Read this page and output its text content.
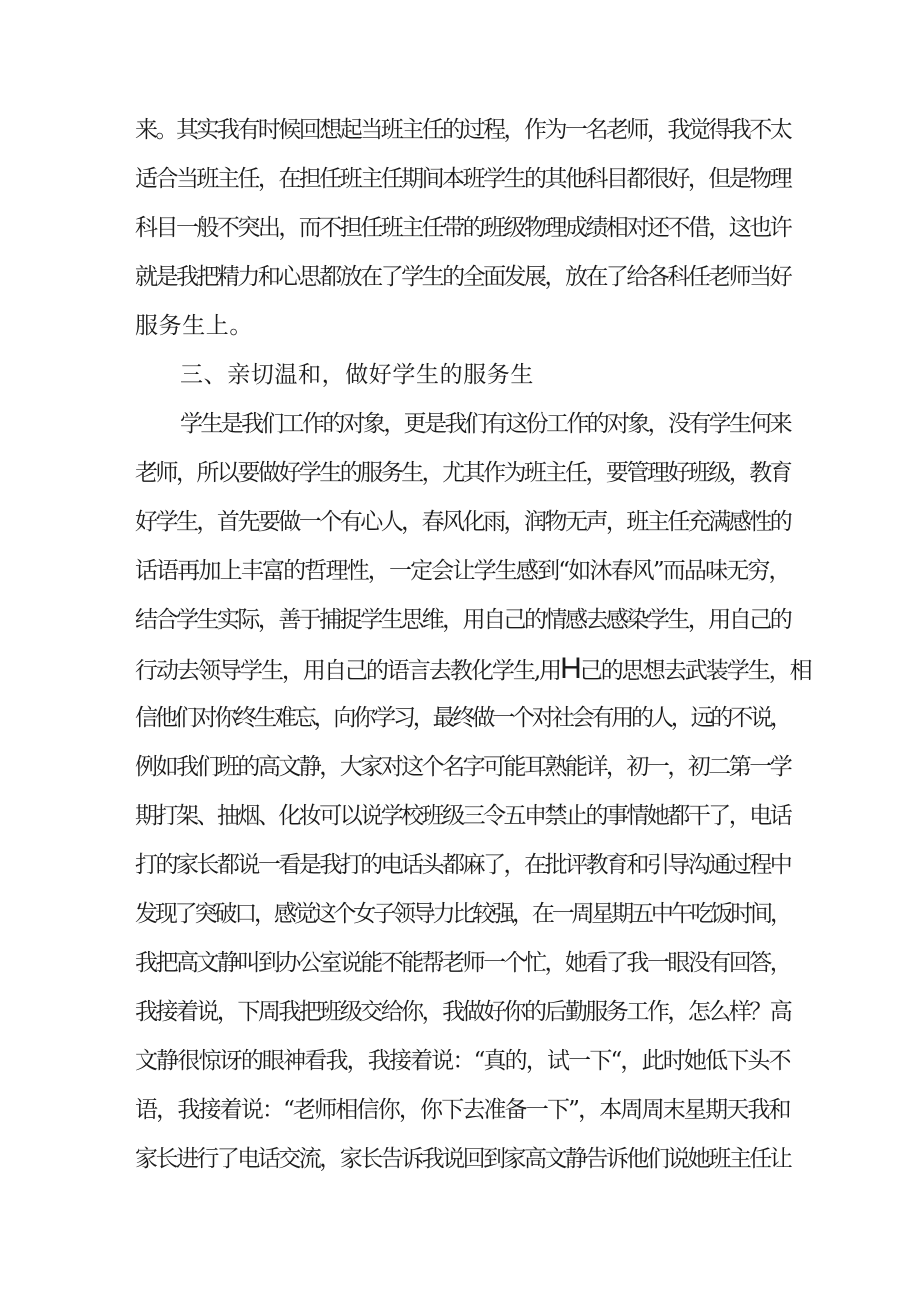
来。其实我有时候回想起当班主任的过程，作为一名老师，我觉得我不太
适合当班主任，在担任班主任期间本班学生的其他科目都很好，但是物理
科目一般不突出，而不担任班主任带的班级物理成绩相对还不借，这也许
就是我把精力和心思都放在了学生的全面发展，放在了给各科任老师当好
服务生上。
三、亲切温和，做好学生的服务生
学生是我们工作的对象，更是我们有这份工作的对象，没有学生何来
老师，所以要做好学生的服务生，尤其作为班主任，要管理好班级，教育
好学生，首先要做一个有心人，春风化雨，润物无声，班主任充满感性的
话语再加上丰富的哲理性，一定会让学生感到“如沐春风”而品味无穷，
结合学生实际，善于捕捉学生思维，用自己的情感去感染学生，用自己的
行动去领导学生，用自己的语言去教化学生,用H己的思想去武装学生，相
信他们对你终生难忘，向你学习，最终做一个对社会有用的人，远的不说，
例如我们班的高文静，大家对这个名字可能耳熟能详，初一，初二第一学
期打架、抽烟、化妆可以说学校班级三令五申禁止的事情她都干了，电话
打的家长都说一看是我打的电话头都麻了，在批评教育和引导沟通过程中
发现了突破口，感觉这个女子领导力比较强，在一周星期五中午吃饭时间，
我把高文静叫到办公室说能不能帮老师一个忙，她看了我一眼没有回答，
我接着说，下周我把班级交给你，我做好你的后勤服务工作，怎么样？高
文静很惊讶的眼神看我，我接着说：“真的，试一下“，此时她低下头不
语，我接着说：“老师相信你，你下去准备一下”，本周周末星期天我和
家长进行了电话交流，家长告诉我说回到家高文静告诉他们说她班主任让
